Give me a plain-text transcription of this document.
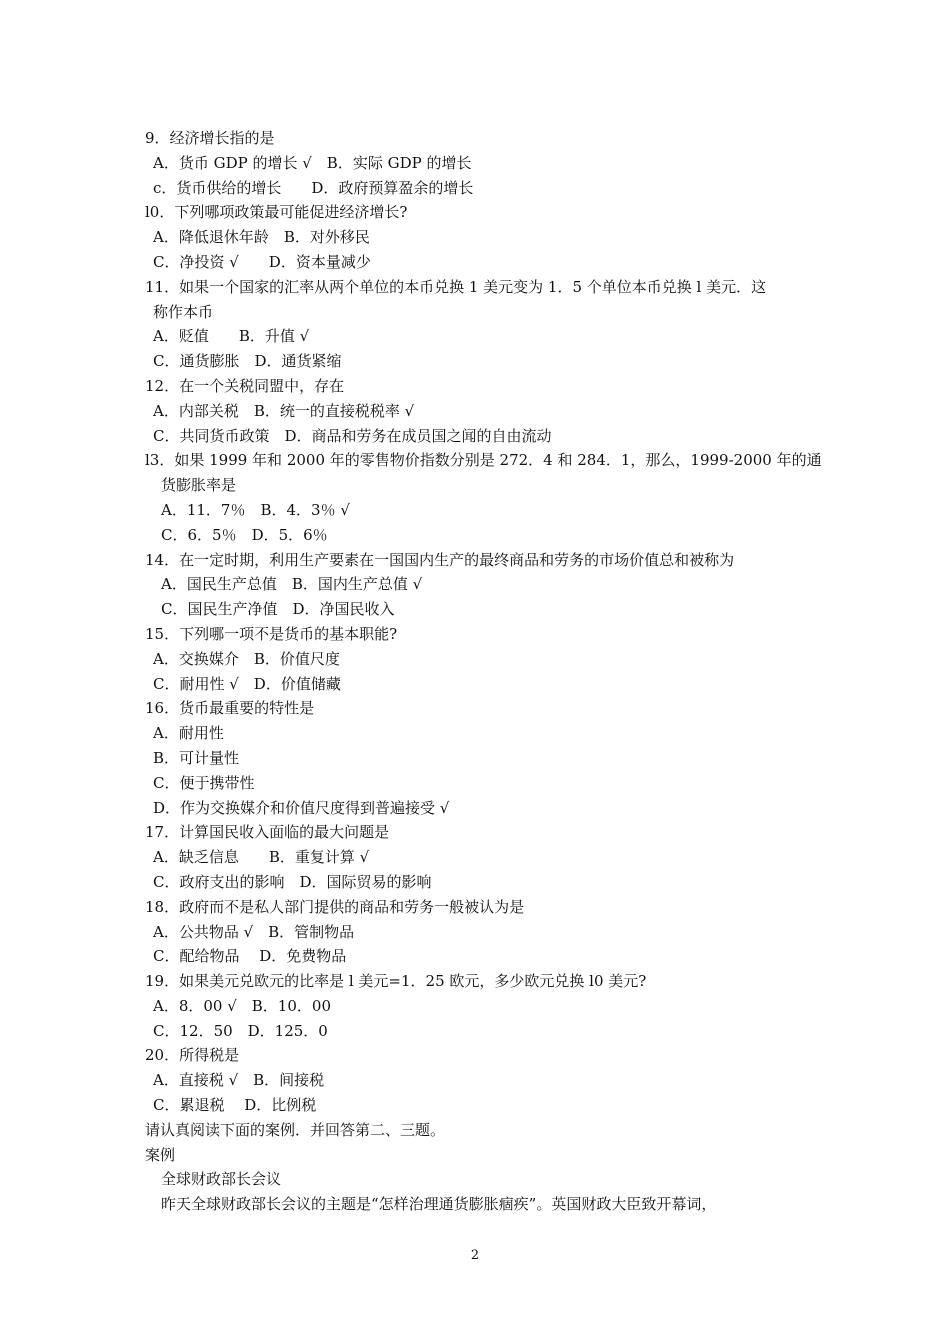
9．经济增长指的是
A．货币 GDP 的增长 √　B．实际 GDP 的增长
c．货币供给的增长　　D．政府预算盈余的增长
l0．下列哪项政策最可能促进经济增长?
A．降低退休年龄　B．对外移民
C．净投资 √　　D．资本量减少
11．如果一个国家的汇率从两个单位的本币兑换 1 美元变为 1．5 个单位本币兑换 l 美元．这
称作本币
A．贬值　　B．升值 √
C．通货膨胀　D．通货紧缩
12．在一个关税同盟中，存在
A．内部关税　B．统一的直接税税率 √
C．共同货币政策　D．商品和劳务在成员国之闻的自由流动
l3．如果 1999 年和 2000 年的零售物价指数分别是 272．4 和 284．1，那么，1999-2000 年的通
货膨胀率是
A．11．7％　B．4．3％ √
C．6．5％　D．5．6％
14．在一定时期，利用生产要素在一国国内生产的最终商品和劳务的市场价值总和被称为
A．国民生产总值　B．国内生产总值 √
C．国民生产净值　D．净国民收入
15．下列哪一项不是货币的基本职能?
A．交换媒介　B．价值尺度
C．耐用性 √　D．价值储藏
16．货币最重要的特性是
A．耐用性
B．可计量性
C．便于携带性
D．作为交换媒介和价值尺度得到普遍接受 √
17．计算国民收入面临的最大问题是
A．缺乏信息　　B．重复计算 √
C．政府支出的影响　D．国际贸易的影响
18．政府而不是私人部门提供的商品和劳务一般被认为是
A．公共物品 √　B．管制物品
C．配给物品　 D．免费物品
19．如果美元兑欧元的比率是 l 美元=1．25 欧元，多少欧元兑换 l0 美元?
A．8．00 √　B．10．00
C．12．50　D．125．0
20．所得税是
A．直接税 √　B．间接税
C．累退税　 D．比例税
请认真阅读下面的案例．并回答第二、三题。
案例
全球财政部长会议
昨天全球财政部长会议的主题是“怎样治理通货膨胀痼疾”。英国财政大臣致开幕词，
2
